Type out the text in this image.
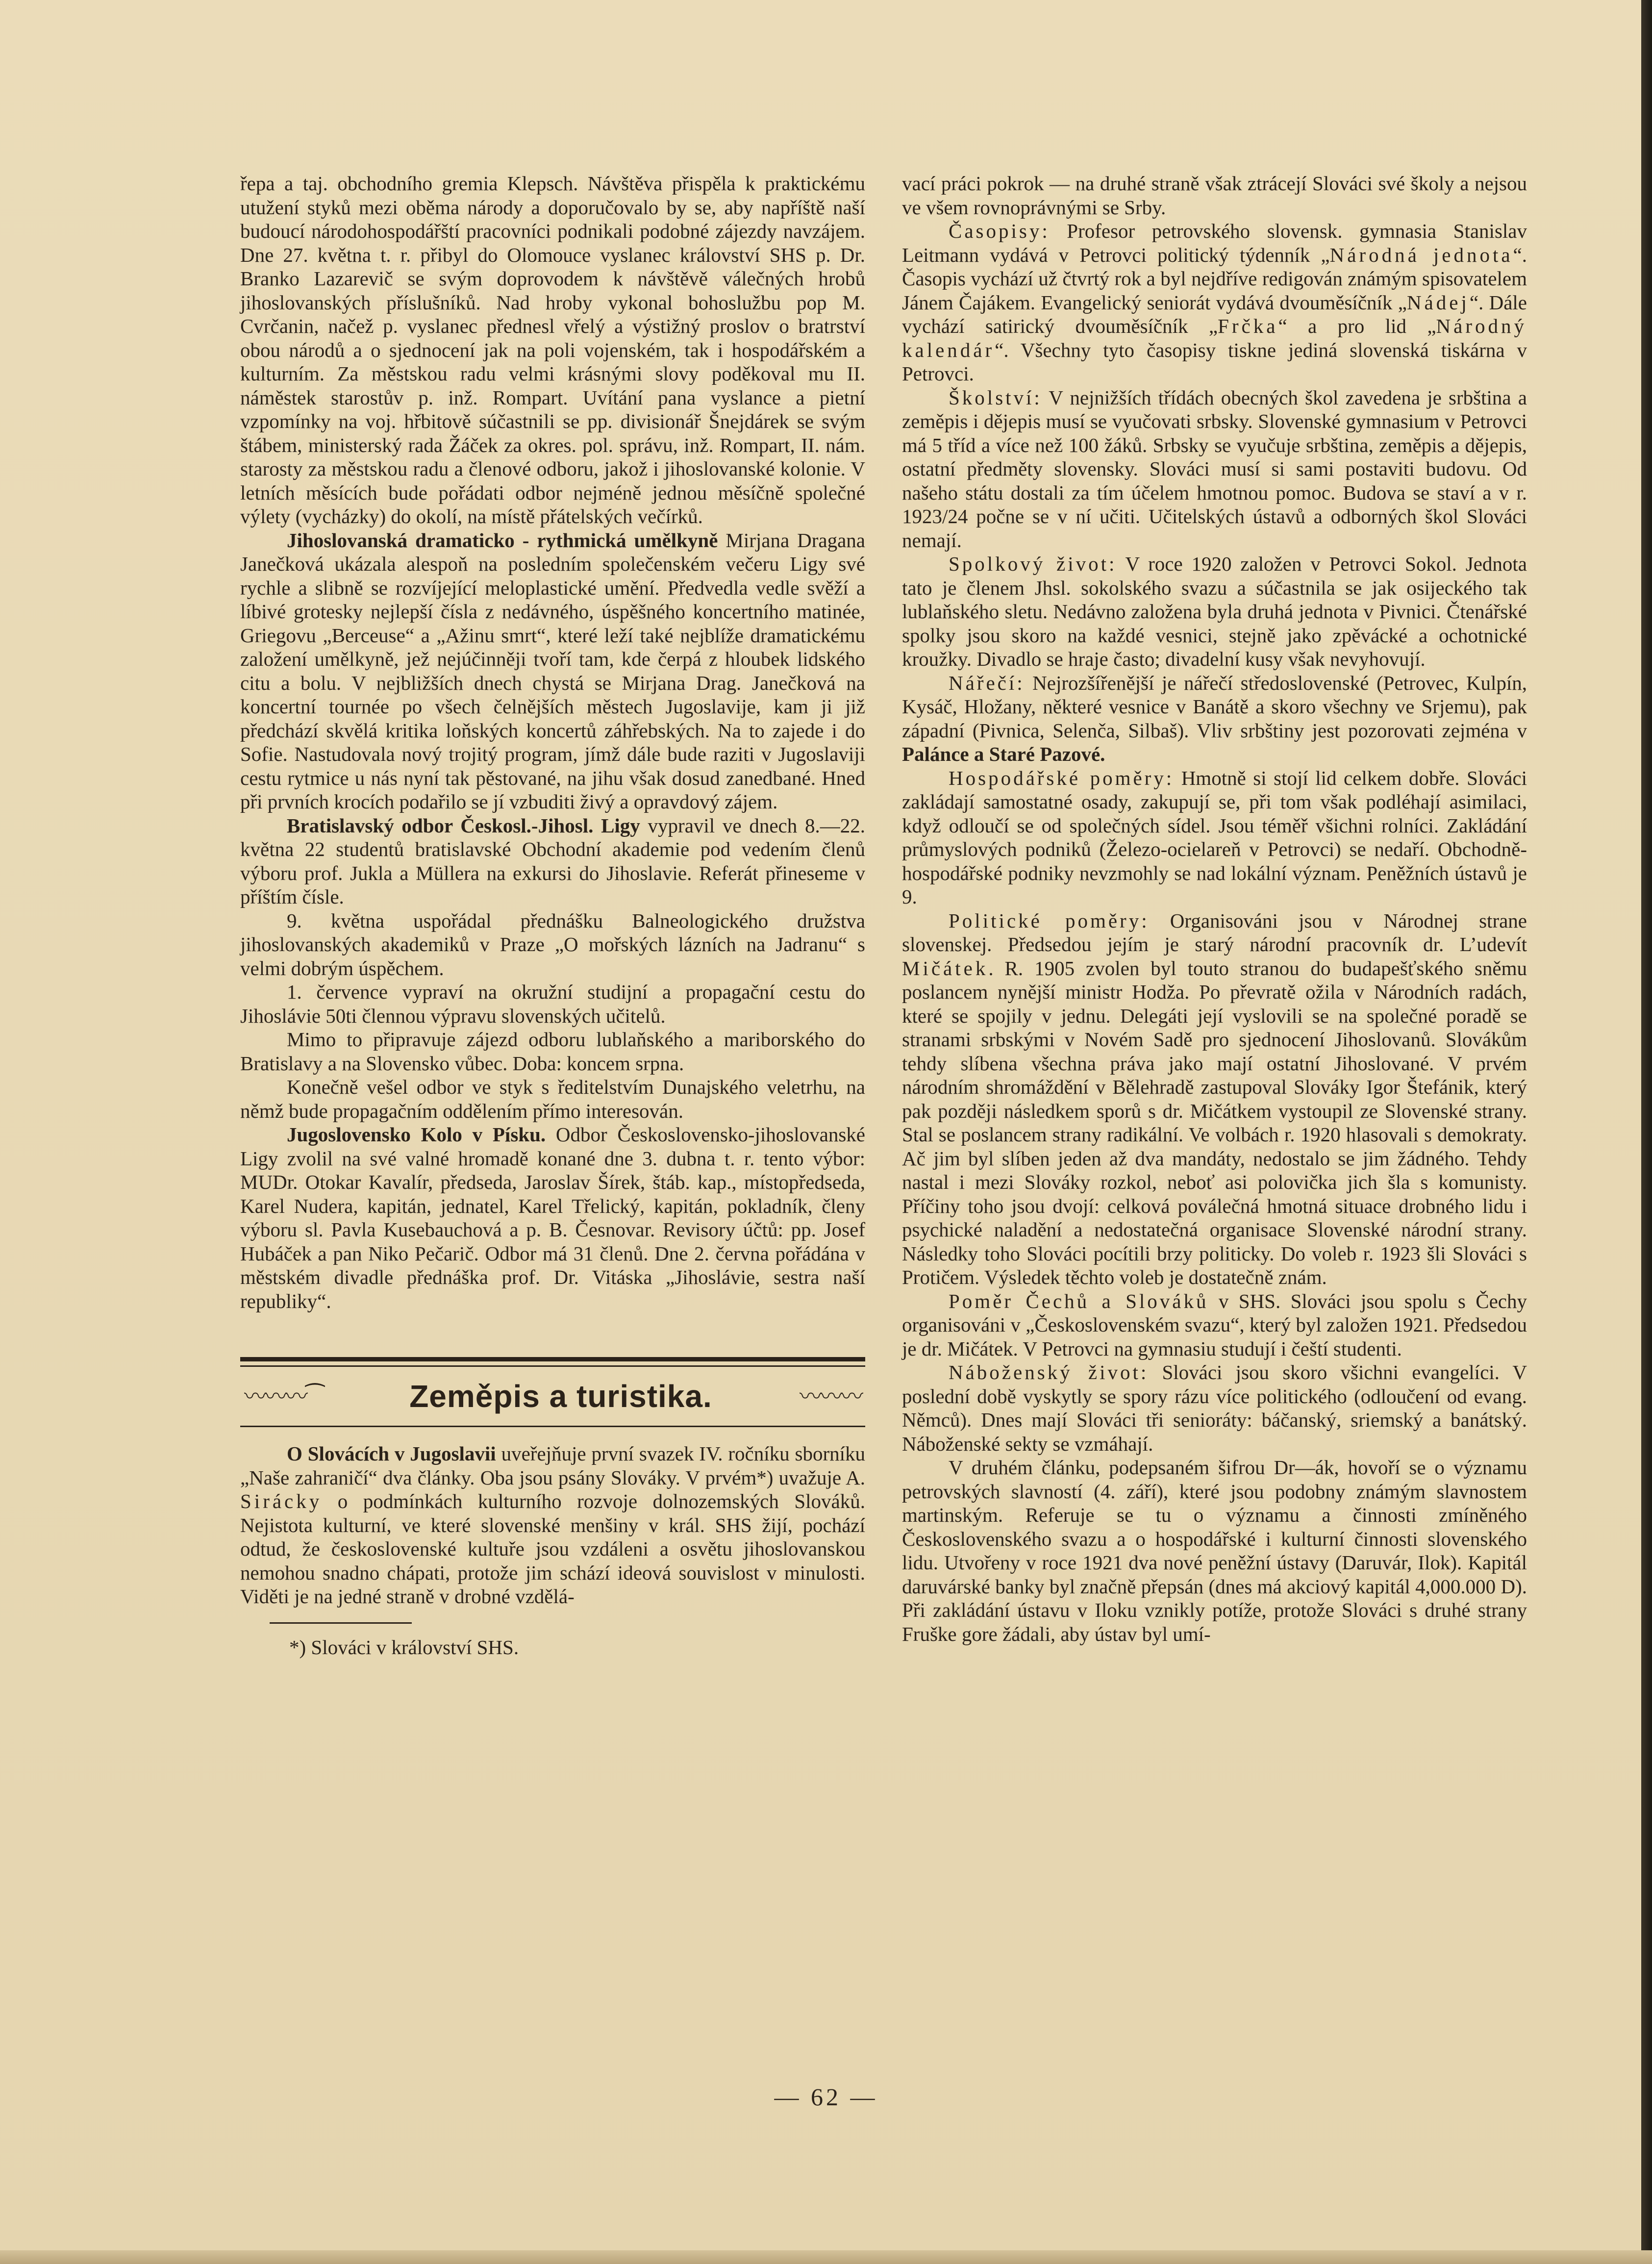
řepa a taj. obchodního gremia Klepsch. Návštěva přispěla k praktickému utužení styků mezi oběma národy a doporučovalo by se, aby napříště naší budoucí národohospodářští pracovníci podnikali podobné zájezdy navzájem. Dne 27. května t. r. přibyl do Olomouce vyslanec království SHS p. Dr. Branko Lazarevič se svým doprovodem k návštěvě válečných hrobů jihoslovanských příslušníků. Nad hroby vykonal bohoslužbu pop M. Cvrčanin, načež p. vyslanec přednesl vřelý a výstižný proslov o bratrství obou národů a o sjednocení jak na poli vojenském, tak i hospodářském a kulturním. Za městskou radu velmi krásnými slovy poděkoval mu II. náměstek starostův p. inž. Rompart. Uvítání pana vyslance a pietní vzpomínky na voj. hřbitově súčastnili se pp. divisionář Šnejdárek se svým štábem, ministerský rada Žáček za okres. pol. správu, inž. Rompart, II. nám. starosty za městskou radu a členové odboru, jakož i jihoslovanské kolonie. V letních měsících bude pořádati odbor nejméně jednou měsíčně společné výlety (vycházky) do okolí, na místě přátelských večírků.

Jihoslovanská dramaticko - rythmická umělkyně Mirjana Dragana Janečková ukázala alespoň na posledním společenském večeru Ligy své rychle a slibně se rozvíjející meloplastické umění. Předvedla vedle svěží a líbivé grotesky nejlepší čísla z nedávného, úspěšného koncertního matinée, Griegovu „Berceuse“ a „Ažinu smrt“, které leží také nejblíže dramatickému založení umělkyně, jež nejúčinněji tvoří tam, kde čerpá z hloubek lidského citu a bolu. V nejbližších dnech chystá se Mirjana Drag. Janečková na koncertní tournée po všech čelnějších městech Jugoslavije, kam ji již předchází skvělá kritika loňských koncertů záhřebských. Na to zajede i do Sofie. Nastudovala nový trojitý program, jímž dále bude raziti v Jugoslaviji cestu rytmice u nás nyní tak pěstované, na jihu však dosud zanedbané. Hned při prvních krocích podařilo se jí vzbuditi živý a opravdový zájem.

Bratislavský odbor Českosl.-Jihosl. Ligy vypravil ve dnech 8.—22. května 22 studentů bratislavské Obchodní akademie pod vedením členů výboru prof. Jukla a Müllera na exkursi do Jihoslavie. Referát přineseme v příštím čísle.

9. května uspořádal přednášku Balneologického družstva jihoslovanských akademiků v Praze „O mořských lázních na Jadranu“ s velmi dobrým úspěchem.

1. července vypraví na okružní studijní a propagační cestu do Jihoslávie 50ti člennou výpravu slovenských učitelů.

Mimo to připravuje zájezd odboru lublaňského a mariborského do Bratislavy a na Slovensko vůbec. Doba: koncem srpna.

Konečně vešel odbor ve styk s ředitelstvím Dunajského veletrhu, na němž bude propagačním oddělením přímo interesován.

Jugoslovensko Kolo v Písku. Odbor Československo-jihoslovanské Ligy zvolil na své valné hromadě konané dne 3. dubna t. r. tento výbor: MUDr. Otokar Kavalír, předseda, Jaroslav Šírek, štáb. kap., místopředseda, Karel Nudera, kapitán, jednatel, Karel Třelický, kapitán, pokladník, členy výboru sl. Pavla Kusebauchová a p. B. Česnovar. Revisory účtů: pp. Josef Hubáček a pan Niko Pečarič. Odbor má 31 členů. Dne 2. června pořádána v městském divadle přednáška prof. Dr. Vitáska „Jihoslávie, sestra naší republiky“.

〰〰〰⁀	Zeměpis a turistika.	〰〰〰

O Slovácích v Jugoslavii uveřejňuje první svazek IV. ročníku sborníku „Naše zahraničí“ dva články. Oba jsou psány Slováky. V prvém*) uvažuje A. Sirácky o podmínkách kulturního rozvoje dolnozemských Slováků. Nejistota kulturní, ve které slovenské menšiny v král. SHS žijí, pochází odtud, že československé kultuře jsou vzdáleni a osvětu jihoslovanskou nemohou snadno chápati, protože jim schází ideová souvislost v minulosti. Viděti je na jedné straně v drobné vzdělá-

*) Slováci v království SHS.

vací práci pokrok — na druhé straně však ztrácejí Slováci své školy a nejsou ve všem rovnoprávnými se Srby.

Časopisy: Profesor petrovského slovensk. gymnasia Stanislav Leitmann vydává v Petrovci politický týdenník „Národná jednota“. Časopis vychází už čtvrtý rok a byl nejdříve redigován známým spisovatelem Jánem Čajákem. Evangelický seniorát vydává dvouměsíčník „Nádej“. Dále vychází satirický dvouměsíčník „Frčka“ a pro lid „Národný kalendár“. Všechny tyto časopisy tiskne jediná slovenská tiskárna v Petrovci.

Školství: V nejnižších třídách obecných škol zavedena je srbština a zeměpis i dějepis musí se vyučovati srbsky. Slovenské gymnasium v Petrovci má 5 tříd a více než 100 žáků. Srbsky se vyučuje srbština, zeměpis a dějepis, ostatní předměty slovensky. Slováci musí si sami postaviti budovu. Od našeho státu dostali za tím účelem hmotnou pomoc. Budova se staví a v r. 1923/24 počne se v ní učiti. Učitelských ústavů a odborných škol Slováci nemají.

Spolkový život: V roce 1920 založen v Petrovci Sokol. Jednota tato je členem Jhsl. sokolského svazu a súčastnila se jak osijeckého tak lublaňského sletu. Nedávno založena byla druhá jednota v Pivnici. Čtenářské spolky jsou skoro na každé vesnici, stejně jako zpěvácké a ochotnické kroužky. Divadlo se hraje často; divadelní kusy však nevyhovují.

Nářečí: Nejrozšířenější je nářečí středoslovenské (Petrovec, Kulpín, Kysáč, Hložany, některé vesnice v Banátě a skoro všechny ve Srjemu), pak západní (Pivnica, Selenča, Silbaš). Vliv srbštiny jest pozorovati zejména v Palánce a Staré Pazové.

Hospodářské poměry: Hmotně si stojí lid celkem dobře. Slováci zakládají samostatné osady, zakupují se, při tom však podléhají asimilaci, když odloučí se od společných sídel. Jsou téměř všichni rolníci. Zakládání průmyslových podniků (Železo-ocielareň v Petrovci) se nedaří. Obchodně-hospodářské podniky nevzmohly se nad lokální význam. Peněžních ústavů je 9.

Politické poměry: Organisováni jsou v Národnej strane slovenskej. Předsedou jejím je starý národní pracovník dr. L’udevít Mičátek. R. 1905 zvolen byl touto stranou do budapešťského sněmu poslancem nynější ministr Hodža. Po převratě ožila v Národních radách, které se spojily v jednu. Delegáti její vyslovili se na společné poradě se stranami srbskými v Novém Sadě pro sjednocení Jihoslovanů. Slovákům tehdy slíbena všechna práva jako mají ostatní Jihoslované. V prvém národním shromáždění v Bělehradě zastupoval Slováky Igor Štefánik, který pak později následkem sporů s dr. Mičátkem vystoupil ze Slovenské strany. Stal se poslancem strany radikální. Ve volbách r. 1920 hlasovali s demokraty. Ač jim byl slíben jeden až dva mandáty, nedostalo se jim žádného. Tehdy nastal i mezi Slováky rozkol, neboť asi polovička jich šla s komunisty. Příčiny toho jsou dvojí: celková poválečná hmotná situace drobného lidu i psychické naladění a nedostatečná organisace Slovenské národní strany. Následky toho Slováci pocítili brzy politicky. Do voleb r. 1923 šli Slováci s Protičem. Výsledek těchto voleb je dostatečně znám.

Poměr Čechů a Slováků v SHS. Slováci jsou spolu s Čechy organisováni v „Československém svazu“, který byl založen 1921. Předsedou je dr. Mičátek. V Petrovci na gymnasiu studují i čeští studenti.

Náboženský život: Slováci jsou skoro všichni evangelíci. V poslední době vyskytly se spory rázu více politického (odloučení od evang. Němců). Dnes mají Slováci tři senioráty: báčanský, sriemský a banátský. Náboženské sekty se vzmáhají.

V druhém článku, podepsaném šifrou Dr—ák, hovoří se o významu petrovských slavností (4. září), které jsou podobny známým slavnostem martinským. Referuje se tu o významu a činnosti zmíněného Československého svazu a o hospodářské i kulturní činnosti slovenského lidu. Utvořeny v roce 1921 dva nové peněžní ústavy (Daruvár, Ilok). Kapitál daruvárské banky byl značně přepsán (dnes má akciový kapitál 4,000.000 D). Při zakládání ústavu v Iloku vznikly potíže, protože Slováci s druhé strany Fruške gore žádali, aby ústav byl umí-

— 62 —
